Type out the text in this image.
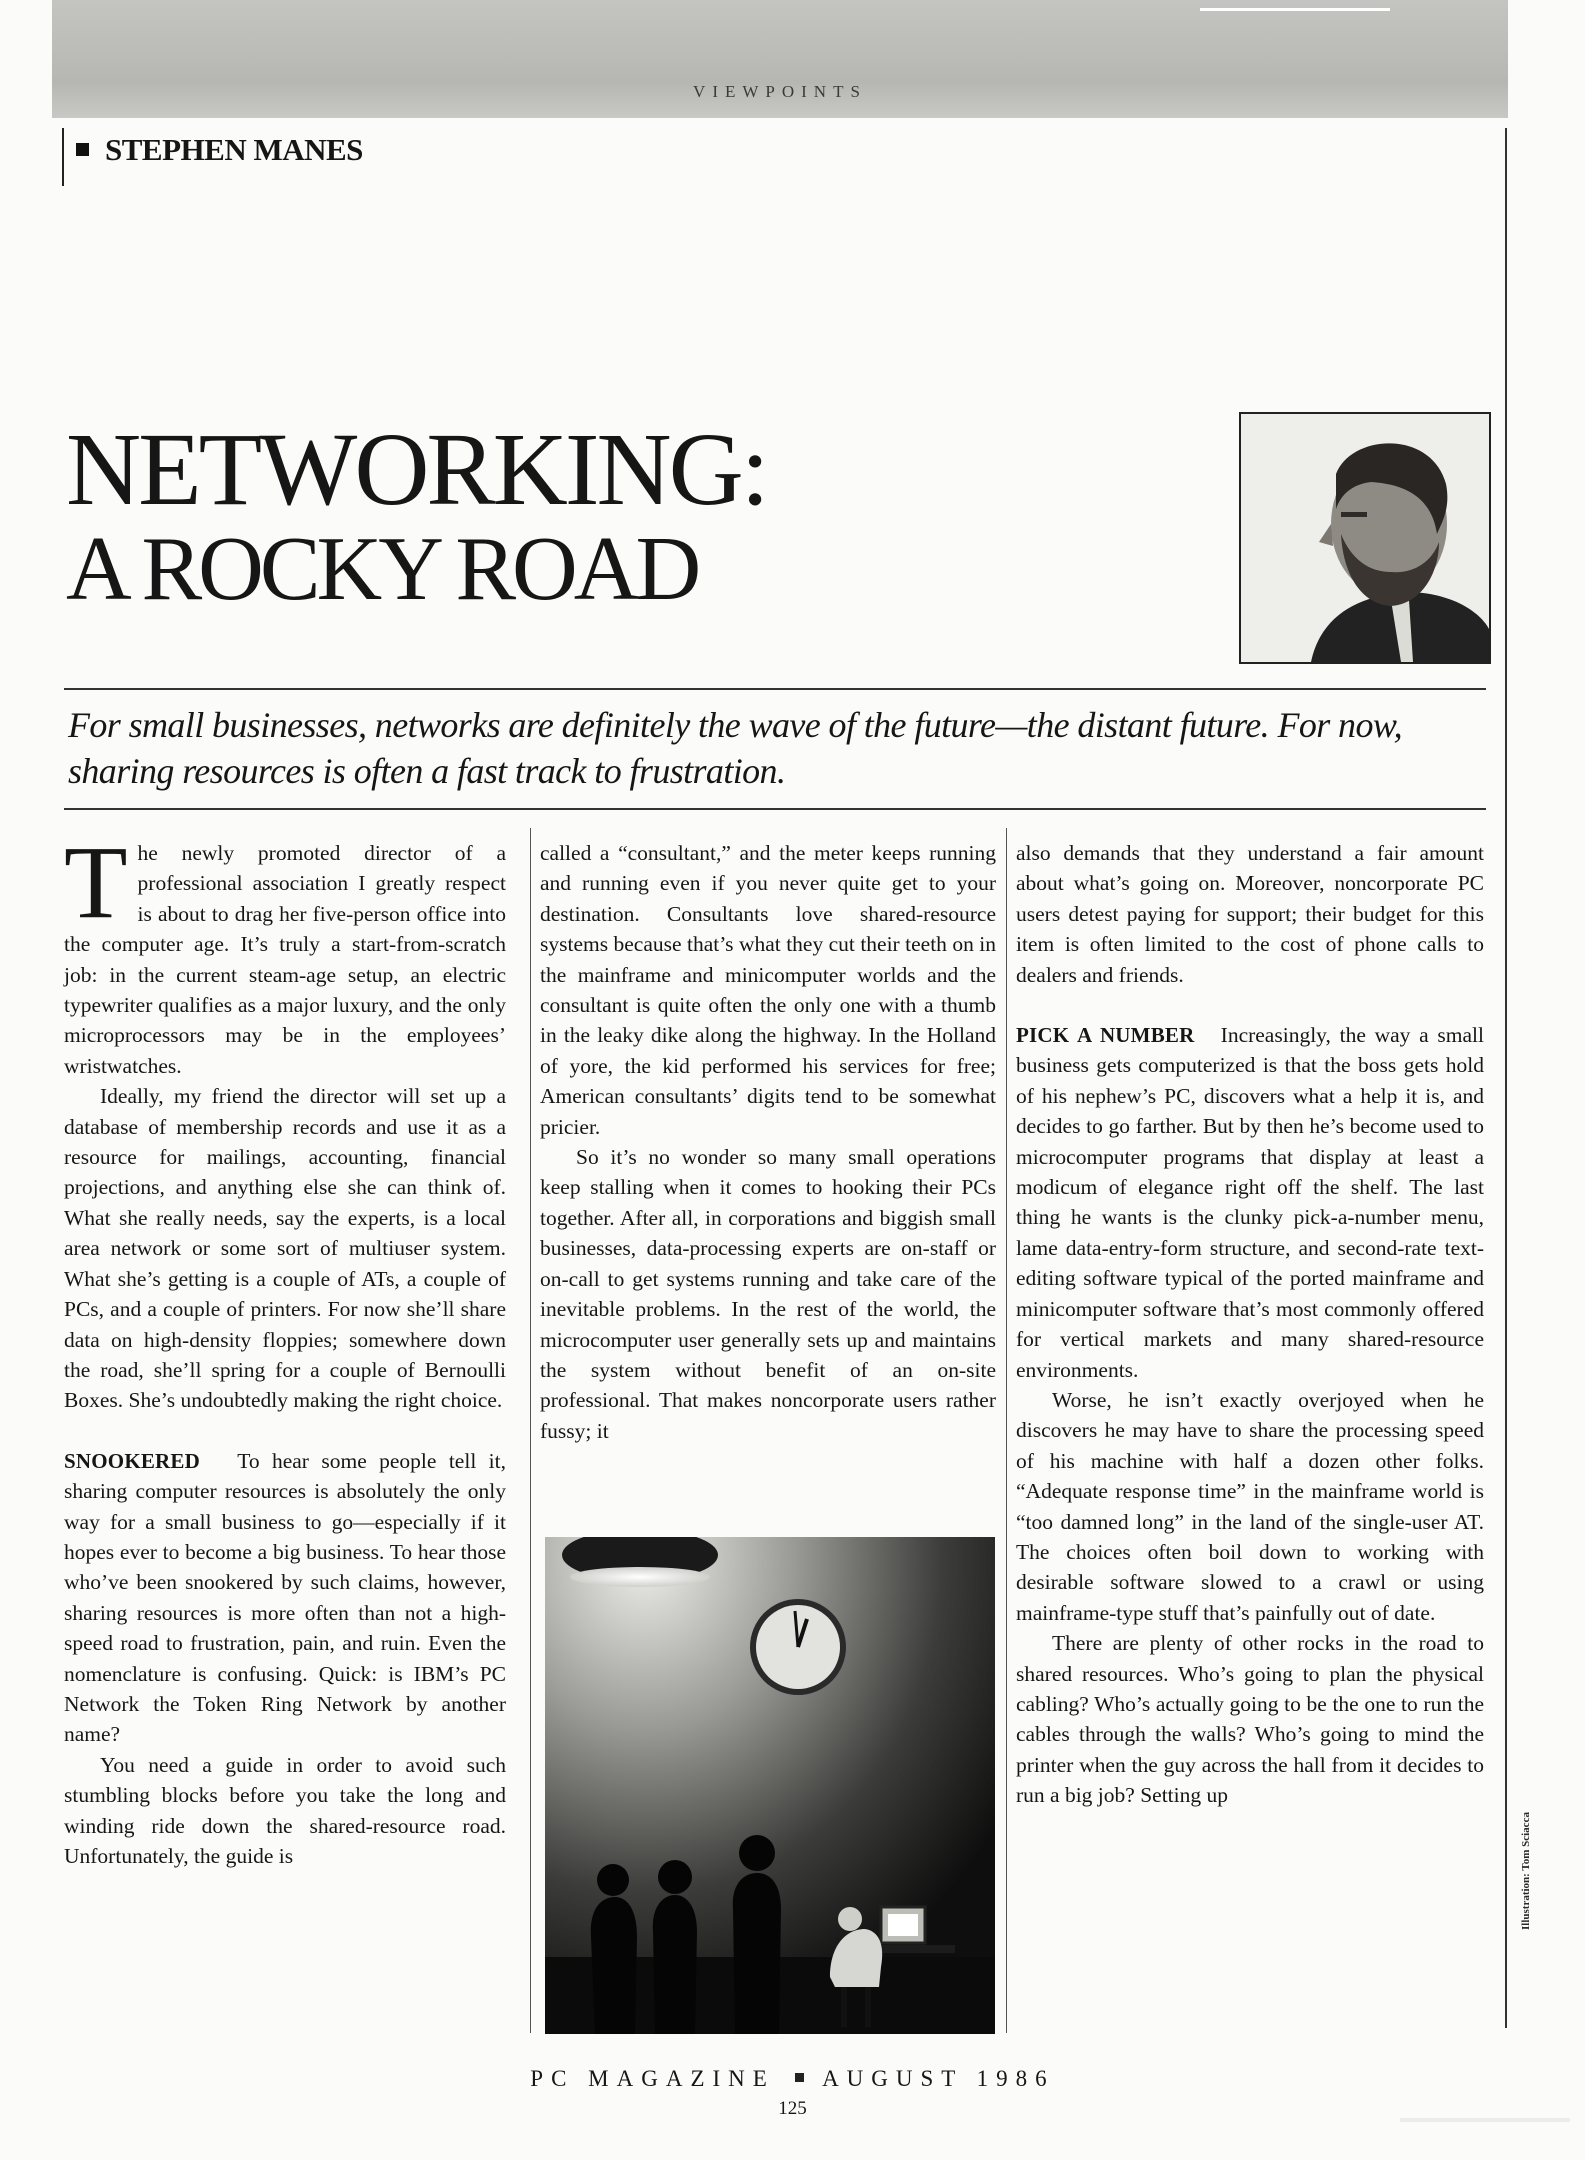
VIEWPOINTS
STEPHEN MANES
NETWORKING:
A ROCKY ROAD
For small businesses, networks are definitely the wave of the future—the distant future. For now, sharing resources is often a fast track to frustration.

The newly promoted director of a professional association I greatly respect is about to drag her five-person office into the computer age. It’s truly a start-from-scratch job: in the current steam-age setup, an electric typewriter qualifies as a major luxury, and the only microprocessors may be in the employees’ wristwatches.

Ideally, my friend the director will set up a database of membership records and use it as a resource for mailings, accounting, financial projections, and anything else she can think of. What she really needs, say the experts, is a local area network or some sort of multiuser system. What she’s getting is a couple of ATs, a couple of PCs, and a couple of printers. For now she’ll share data on high-density floppies; somewhere down the road, she’ll spring for a couple of Bernoulli Boxes. She’s undoubtedly making the right choice.

SNOOKERED To hear some people tell it, sharing computer resources is absolutely the only way for a small business to go—especially if it hopes ever to become a big business. To hear those who’ve been snookered by such claims, however, sharing resources is more often than not a high-speed road to frustration, pain, and ruin. Even the nomenclature is confusing. Quick: is IBM’s PC Network the Token Ring Network by another name?

You need a guide in order to avoid such stumbling blocks before you take the long and winding ride down the shared-resource road. Unfortunately, the guide is

called a “consultant,” and the meter keeps running and running even if you never quite get to your destination. Consultants love shared-resource systems because that’s what they cut their teeth on in the mainframe and minicomputer worlds and the consultant is quite often the only one with a thumb in the leaky dike along the highway. In the Holland of yore, the kid performed his services for free; American consultants’ digits tend to be somewhat pricier.

So it’s no wonder so many small operations keep stalling when it comes to hooking their PCs together. After all, in corporations and biggish small businesses, data-processing experts are on-staff or on-call to get systems running and take care of the inevitable problems. In the rest of the world, the microcomputer user generally sets up and maintains the system without benefit of an on-site professional. That makes noncorporate users rather fussy; it

also demands that they understand a fair amount about what’s going on. Moreover, noncorporate PC users detest paying for support; their budget for this item is often limited to the cost of phone calls to dealers and friends.

PICK A NUMBER Increasingly, the way a small business gets computerized is that the boss gets hold of his nephew’s PC, discovers what a help it is, and decides to go farther. But by then he’s become used to microcomputer programs that display at least a modicum of elegance right off the shelf. The last thing he wants is the clunky pick-a-number menu, lame data-entry-form structure, and second-rate text-editing software typical of the ported mainframe and minicomputer software that’s most commonly offered for vertical markets and many shared-resource environments.

Worse, he isn’t exactly overjoyed when he discovers he may have to share the processing speed of his machine with half a dozen other folks. “Adequate response time” in the mainframe world is “too damned long” in the land of the single-user AT. The choices often boil down to working with desirable software slowed to a crawl or using mainframe-type stuff that’s painfully out of date.

There are plenty of other rocks in the road to shared resources. Who’s going to plan the physical cabling? Who’s actually going to be the one to run the cables through the walls? Who’s going to mind the printer when the guy across the hall from it decides to run a big job? Setting up

Illustration: Tom Sciacca
PC MAGAZINE AUGUST 1986
125
